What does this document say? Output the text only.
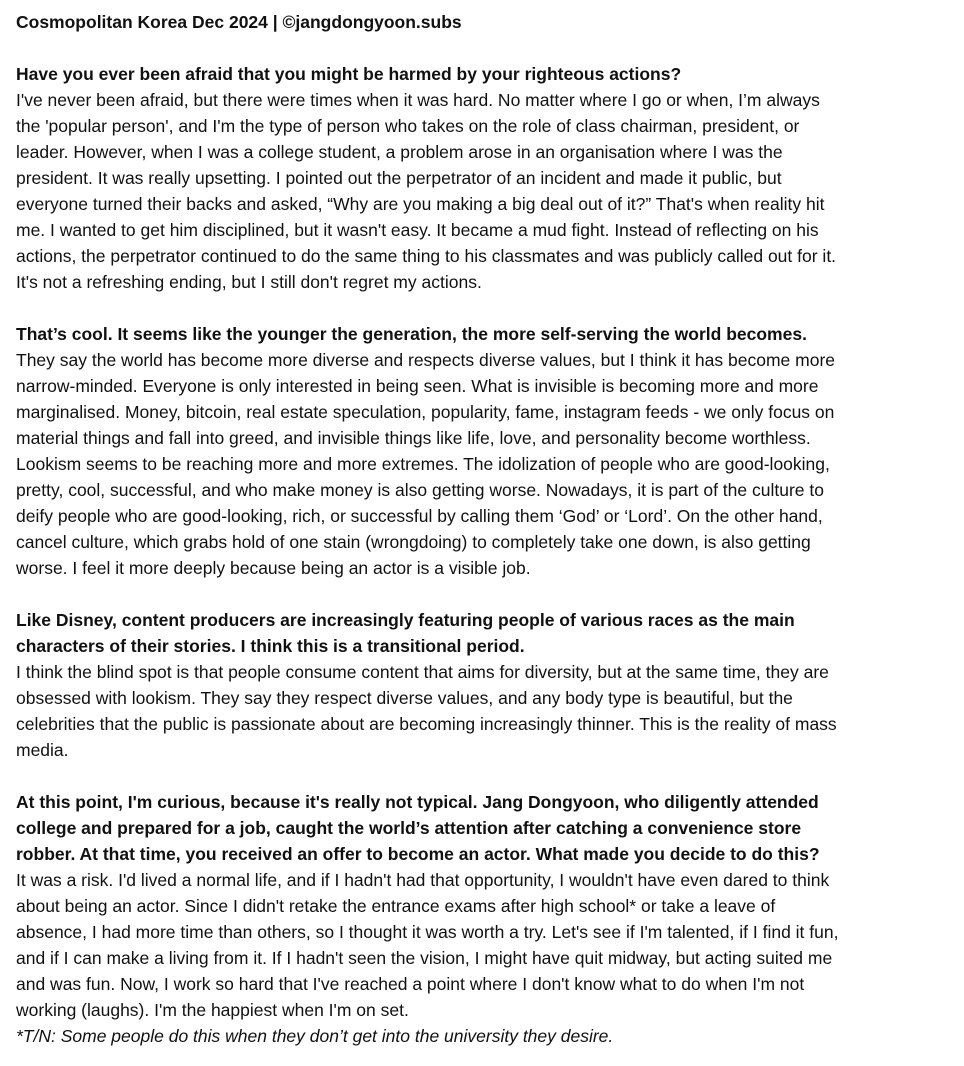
Cosmopolitan Korea Dec 2024 | ©jangdongyoon.subs
Have you ever been afraid that you might be harmed by your righteous actions?
I've never been afraid, but there were times when it was hard. No matter where I go or when, I’m always
the 'popular person', and I'm the type of person who takes on the role of class chairman, president, or
leader. However, when I was a college student, a problem arose in an organisation where I was the
president. It was really upsetting. I pointed out the perpetrator of an incident and made it public, but
everyone turned their backs and asked, “Why are you making a big deal out of it?” That's when reality hit
me. I wanted to get him disciplined, but it wasn't easy. It became a mud fight. Instead of reflecting on his
actions, the perpetrator continued to do the same thing to his classmates and was publicly called out for it.
It's not a refreshing ending, but I still don't regret my actions.
That’s cool. It seems like the younger the generation, the more self-serving the world becomes.
They say the world has become more diverse and respects diverse values, but I think it has become more
narrow-minded. Everyone is only interested in being seen. What is invisible is becoming more and more
marginalised. Money, bitcoin, real estate speculation, popularity, fame, instagram feeds - we only focus on
material things and fall into greed, and invisible things like life, love, and personality become worthless.
Lookism seems to be reaching more and more extremes. The idolization of people who are good-looking,
pretty, cool, successful, and who make money is also getting worse. Nowadays, it is part of the culture to
deify people who are good-looking, rich, or successful by calling them ‘God’ or ‘Lord’. On the other hand,
cancel culture, which grabs hold of one stain (wrongdoing) to completely take one down, is also getting
worse. I feel it more deeply because being an actor is a visible job.
Like Disney, content producers are increasingly featuring people of various races as the main
characters of their stories. I think this is a transitional period.
I think the blind spot is that people consume content that aims for diversity, but at the same time, they are
obsessed with lookism. They say they respect diverse values, and any body type is beautiful, but the
celebrities that the public is passionate about are becoming increasingly thinner. This is the reality of mass
media.
At this point, I'm curious, because it's really not typical. Jang Dongyoon, who diligently attended
college and prepared for a job, caught the world’s attention after catching a convenience store
robber. At that time, you received an offer to become an actor. What made you decide to do this?
It was a risk. I'd lived a normal life, and if I hadn't had that opportunity, I wouldn't have even dared to think
about being an actor. Since I didn't retake the entrance exams after high school* or take a leave of
absence, I had more time than others, so I thought it was worth a try. Let's see if I'm talented, if I find it fun,
and if I can make a living from it. If I hadn't seen the vision, I might have quit midway, but acting suited me
and was fun. Now, I work so hard that I've reached a point where I don't know what to do when I'm not
working (laughs). I'm the happiest when I'm on set.
*T/N: Some people do this when they don’t get into the university they desire.
